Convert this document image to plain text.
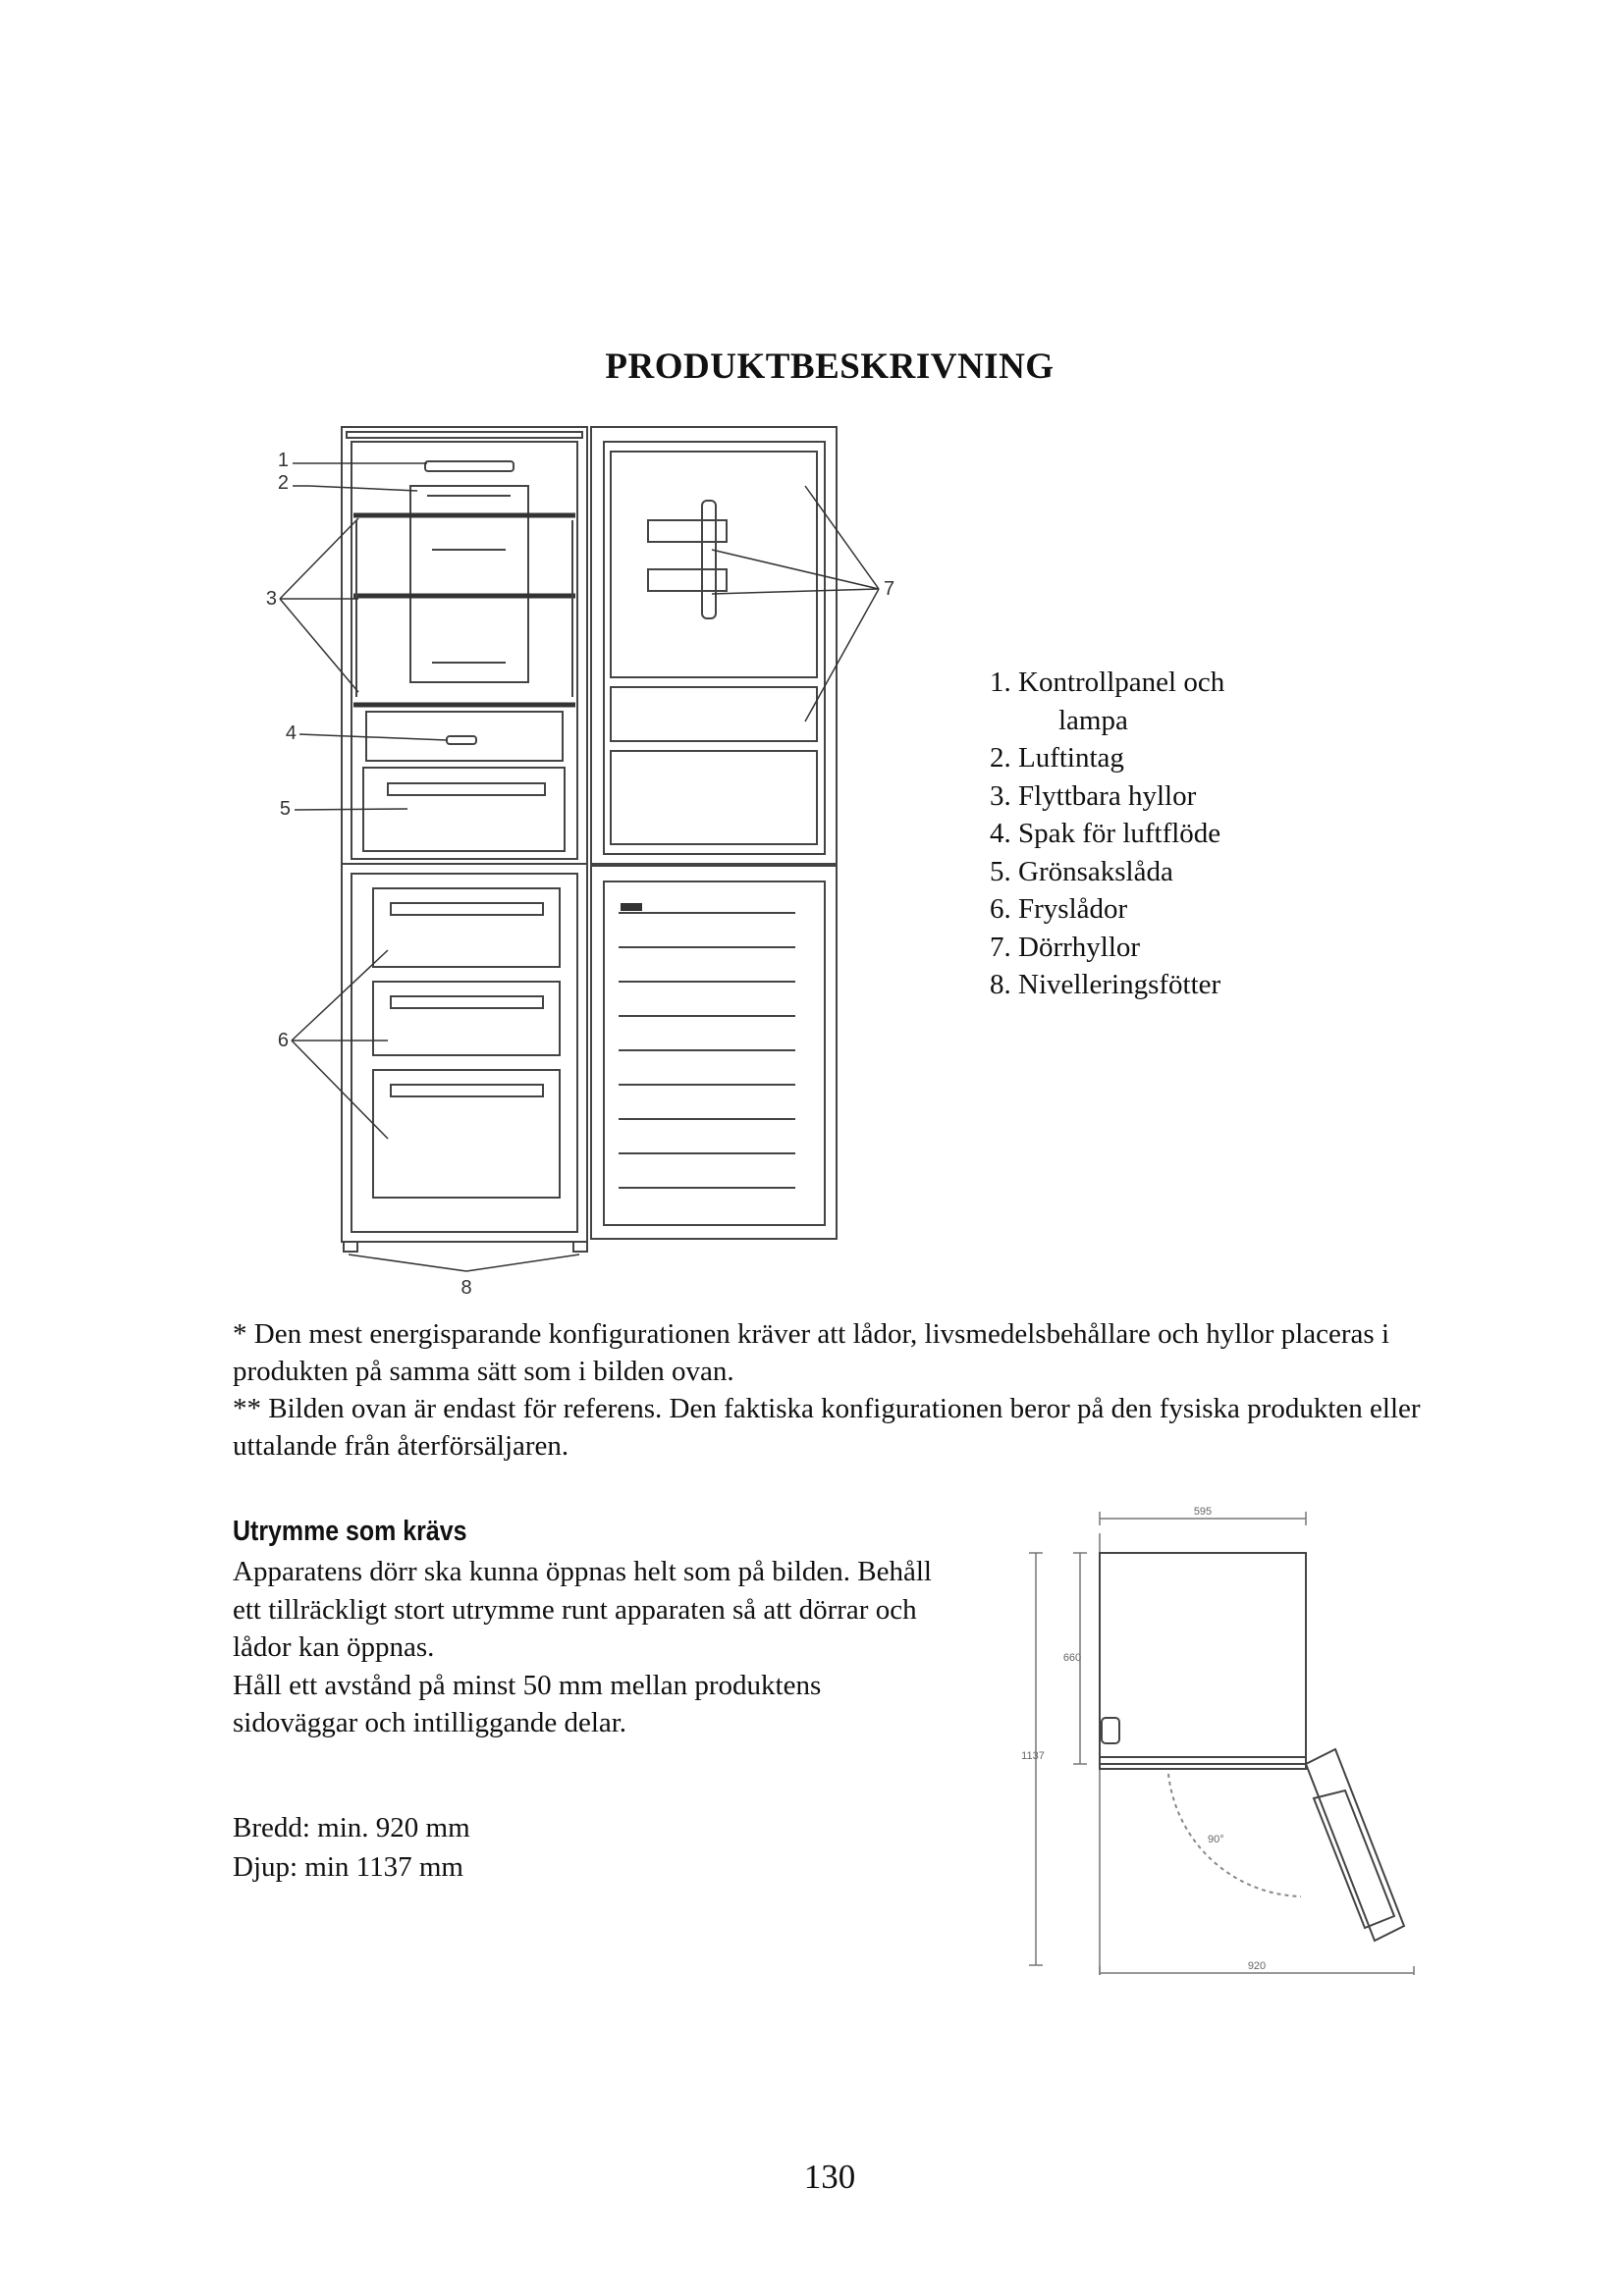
PRODUKTBESKRIVNING
1
2
3
4
5
6
7
8
1. Kontrollpanel och
lampa
2. Luftintag
3. Flyttbara hyllor
4. Spak för luftflöde
5. Grönsakslåda
6. Fryslådor
7. Dörrhyllor
8. Nivelleringsfötter

* Den mest energisparande konfigurationen kräver att lådor, livsmedelsbehållare och hyllor placeras i produkten på samma sätt som i bilden ovan.

** Bilden ovan är endast för referens. Den faktiska konfigurationen beror på den fysiska produkten eller uttalande från återförsäljaren.

Utrymme som krävs

Apparatens dörr ska kunna öppnas helt som på bilden. Behåll ett tillräckligt stort utrymme runt apparaten så att dörrar och lådor kan öppnas.

Håll ett avstånd på minst 50 mm mellan produktens sidoväggar och intilliggande delar.

Bredd: min. 920 mm

Djup: min 1137 mm

595
660
1137
920
90°
130
